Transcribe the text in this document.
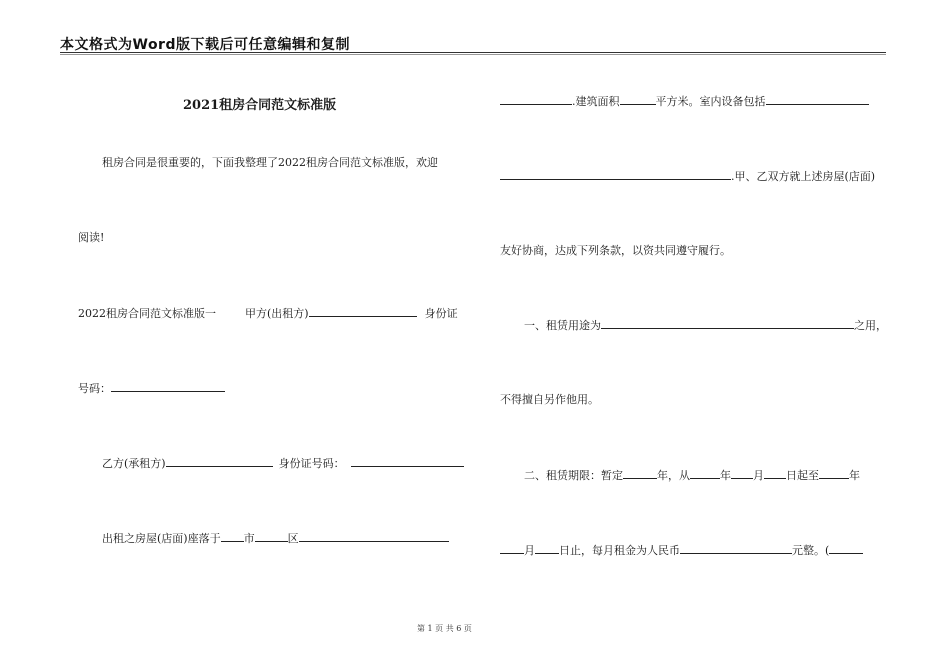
本文格式为Word版下载后可任意编辑和复制
2021租房合同范文标准版
租房合同是很重要的，下面我整理了2022租房合同范文标准版，欢迎
阅读!
2022租房合同范文标准版一	甲方(出租方)	身份证
号码：
乙方(承租方)	身份证号码：
出租之房屋(店面)座落于 市	区
.建筑面积	平方米。室内设备包括
.甲、乙双方就上述房屋(店面)
友好协商，达成下列条款，以资共同遵守履行。
一、租赁用途为	之用，
不得擅自另作他用。
二、租赁期限：暂定	年，从	年 月 日起至	年
月 日止，每月租金为人民币	元整。(
第 1 页 共 6 页
